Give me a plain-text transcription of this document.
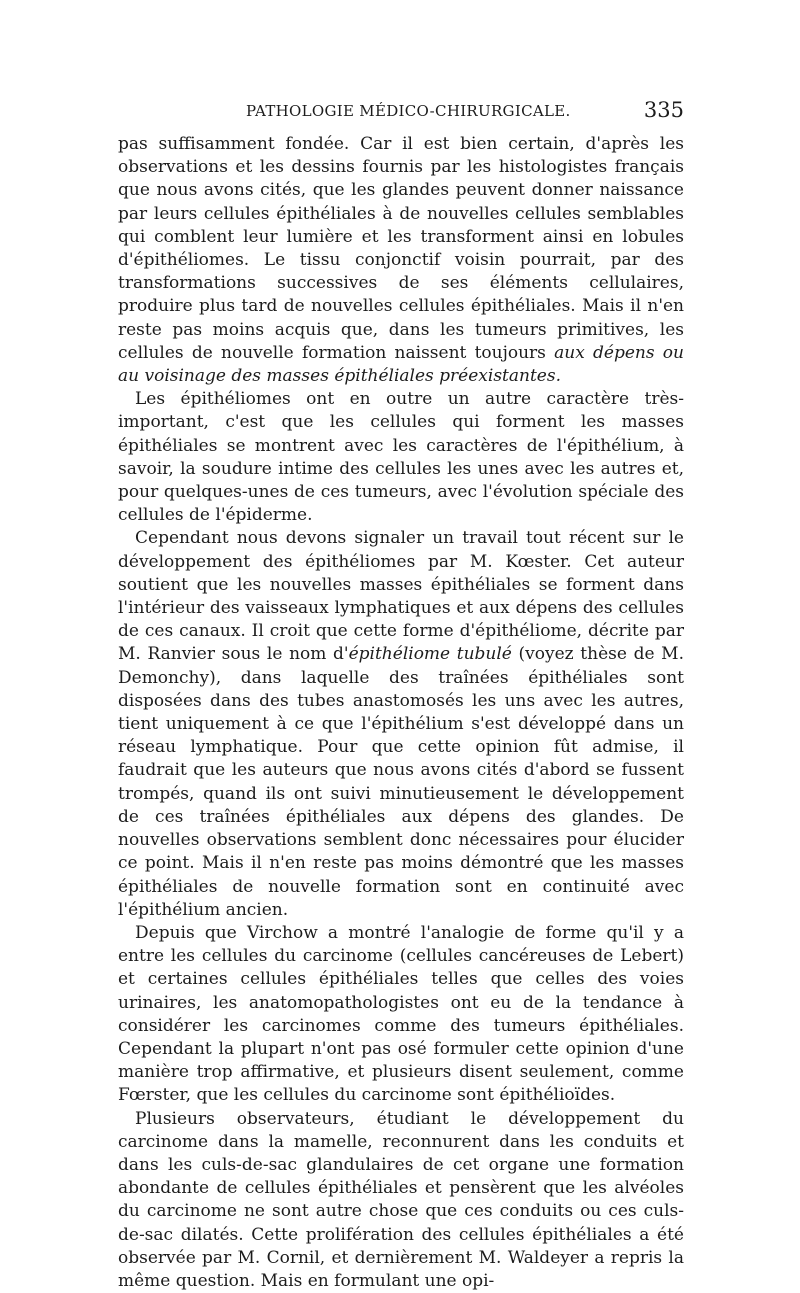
PATHOLOGIE MÉDICO-CHIRURGICALE.	335

pas suffisamment fondée. Car il est bien certain, d'après les observations et les dessins fournis par les histologistes français que nous avons cités, que les glandes peuvent donner naissance par leurs cellules épithéliales à de nouvelles cellules semblables qui comblent leur lumière et les transforment ainsi en lobules d'épithéliomes. Le tissu conjonctif voisin pourrait, par des transformations successives de ses éléments cellulaires, produire plus tard de nouvelles cellules épithéliales. Mais il n'en reste pas moins acquis que, dans les tumeurs primitives, les cellules de nouvelle formation naissent toujours aux dépens ou au voisinage des masses épithéliales préexistantes.

Les épithéliomes ont en outre un autre caractère très-important, c'est que les cellules qui forment les masses épithéliales se montrent avec les caractères de l'épithélium, à savoir, la soudure intime des cellules les unes avec les autres et, pour quelques-unes de ces tumeurs, avec l'évolution spéciale des cellules de l'épiderme.

Cependant nous devons signaler un travail tout récent sur le développement des épithéliomes par M. Kœster. Cet auteur soutient que les nouvelles masses épithéliales se forment dans l'intérieur des vaisseaux lymphatiques et aux dépens des cellules de ces canaux. Il croit que cette forme d'épithéliome, décrite par M. Ranvier sous le nom d'épithéliome tubulé (voyez thèse de M. Demonchy), dans laquelle des traînées épithéliales sont disposées dans des tubes anastomosés les uns avec les autres, tient uniquement à ce que l'épithélium s'est développé dans un réseau lymphatique. Pour que cette opinion fût admise, il faudrait que les auteurs que nous avons cités d'abord se fussent trompés, quand ils ont suivi minutieusement le développement de ces traînées épithéliales aux dépens des glandes. De nouvelles observations semblent donc nécessaires pour élucider ce point. Mais il n'en reste pas moins démontré que les masses épithéliales de nouvelle formation sont en continuité avec l'épithélium ancien.

Depuis que Virchow a montré l'analogie de forme qu'il y a entre les cellules du carcinome (cellules cancéreuses de Lebert) et certaines cellules épithéliales telles que celles des voies urinaires, les anatomopathologistes ont eu de la tendance à considérer les carcinomes comme des tumeurs épithéliales. Cependant la plupart n'ont pas osé formuler cette opinion d'une manière trop affirmative, et plusieurs disent seulement, comme Fœrster, que les cellules du carcinome sont épithélioïdes.

Plusieurs observateurs, étudiant le développement du carcinome dans la mamelle, reconnurent dans les conduits et dans les culs-de-sac glandulaires de cet organe une formation abondante de cellules épithéliales et pensèrent que les alvéoles du carcinome ne sont autre chose que ces conduits ou ces culs-de-sac dilatés. Cette prolifération des cellules épithéliales a été observée par M. Cornil, et dernièrement M. Waldeyer a repris la même question. Mais en formulant une opi-
